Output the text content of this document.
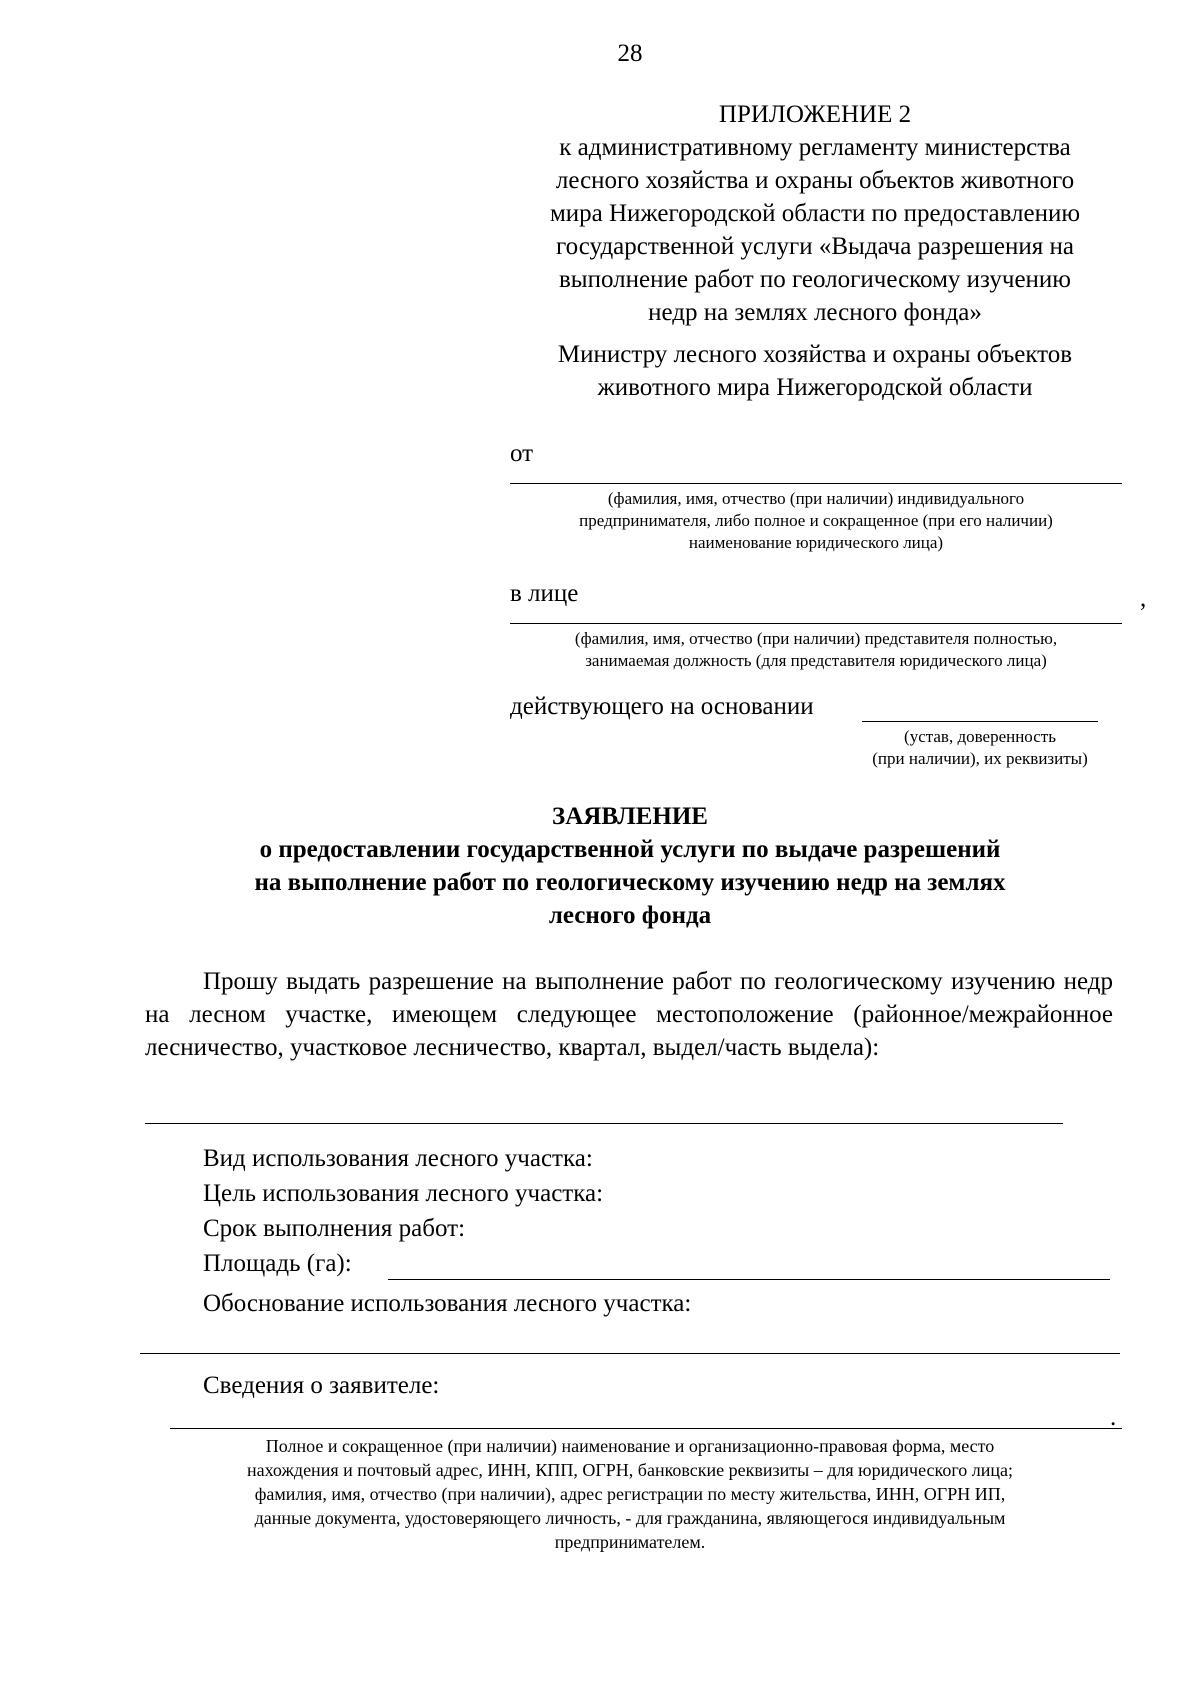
28
ПРИЛОЖЕНИЕ 2
к административному регламенту министерства
лесного хозяйства и охраны объектов животного
мира Нижегородской области по предоставлению
государственной услуги «Выдача разрешения на
выполнение работ по геологическому изучению
недр на землях лесного фонда»
Министру лесного хозяйства и охраны объектов
животного мира Нижегородской области
от
(фамилия, имя, отчество (при наличии) индивидуального
предпринимателя, либо полное и сокращенное (при его наличии)
наименование юридического лица)
в лице	,
(фамилия, имя, отчество (при наличии) представителя полностью,
занимаемая должность (для представителя юридического лица)
действующего на основании
(устав, доверенность
(при наличии), их реквизиты)
ЗАЯВЛЕНИЕ
о предоставлении государственной услуги по выдаче разрешений
на выполнение работ по геологическому изучению недр на землях
лесного фонда
Прошу выдать разрешение на выполнение работ по геологическому изучению недр на лесном участке, имеющем следующее местоположение (районное/межрайонное лесничество, участковое лесничество, квартал, выдел/часть выдела):
Вид использования лесного участка:
Цель использования лесного участка:
Срок выполнения работ:
Площадь (га):
Обоснование использования лесного участка:
Сведения о заявителе:
.
Полное и сокращенное (при наличии) наименование и организационно-правовая форма, место
нахождения и почтовый адрес, ИНН, КПП, ОГРН, банковские реквизиты – для юридического лица;
фамилия, имя, отчество (при наличии), адрес регистрации по месту жительства, ИНН, ОГРН ИП,
данные документа, удостоверяющего личность, - для гражданина, являющегося индивидуальным
предпринимателем.
